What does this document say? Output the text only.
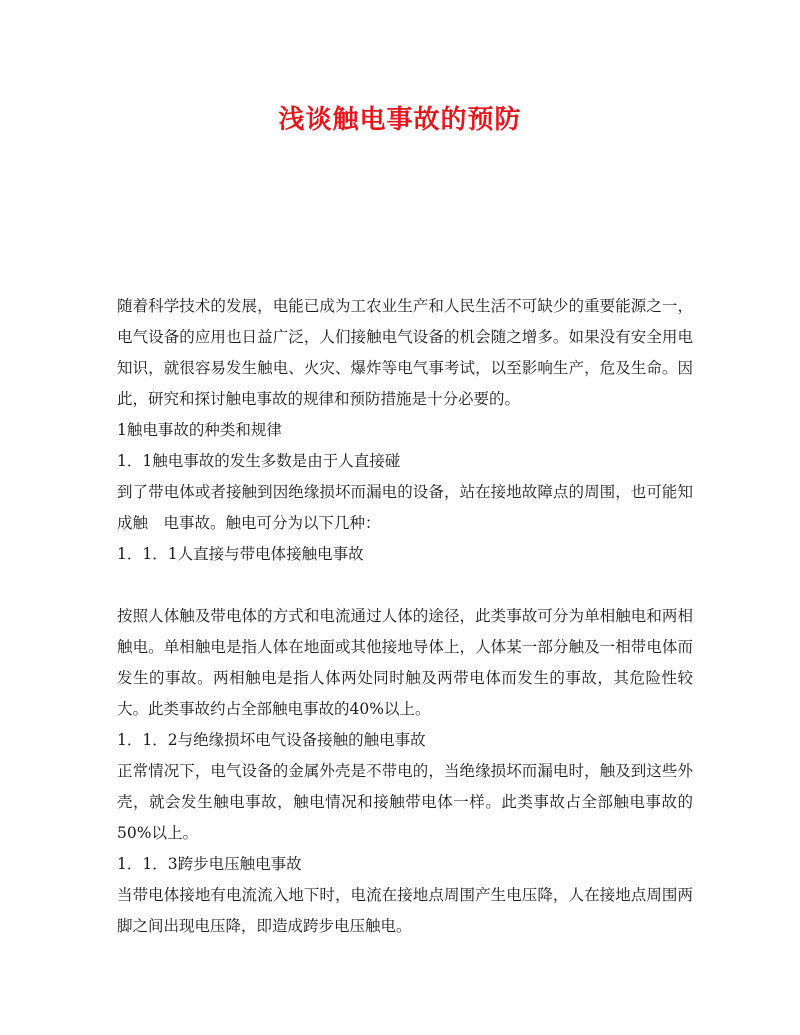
浅谈触电事故的预防

随着科学技术的发展，电能已成为工农业生产和人民生活不可缺少的重要能源之一，电气设备的应用也日益广泛，人们接触电气设备的机会随之增多。如果没有安全用电知识，就很容易发生触电、火灾、爆炸等电气事考试，以至影响生产，危及生命。因此，研究和探讨触电事故的规律和预防措施是十分必要的。

1触电事故的种类和规律

1．1触电事故的发生多数是由于人直接碰

到了带电体或者接触到因绝缘损坏而漏电的设备，站在接地故障点的周围，也可能知成触　电事故。触电可分为以下几种：

1．1．1人直接与带电体接触电事故

按照人体触及带电体的方式和电流通过人体的途径，此类事故可分为单相触电和两相触电。单相触电是指人体在地面或其他接地导体上，人体某一部分触及一相带电体而发生的事故。两相触电是指人体两处同时触及两带电体而发生的事故，其危险性较大。此类事故约占全部触电事故的40%以上。

1．1．2与绝缘损坏电气设备接触的触电事故

正常情况下，电气设备的金属外壳是不带电的，当绝缘损坏而漏电时，触及到这些外壳，就会发生触电事故，触电情况和接触带电体一样。此类事故占全部触电事故的50%以上。

1．1．3跨步电压触电事故

当带电体接地有电流流入地下时，电流在接地点周围产生电压降，人在接地点周围两脚之间出现电压降，即造成跨步电压触电。
